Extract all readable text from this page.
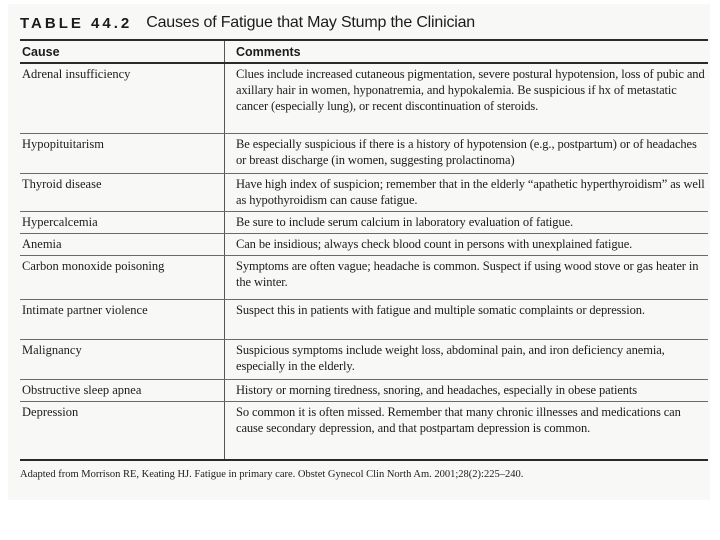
TABLE 44.2 Causes of Fatigue that May Stump the Clinician
Cause	Comments
Adrenal insufficiency	Clues include increased cutaneous pigmentation, severe postural hypotension, loss of pubic and axillary hair in women, hyponatremia, and hypokalemia. Be suspicious if hx of metastatic cancer (especially lung), or recent discontinuation of steroids.
Hypopituitarism	Be especially suspicious if there is a history of hypotension (e.g., postpartum) or of headaches or breast discharge (in women, suggesting prolactinoma)
Thyroid disease	Have high index of suspicion; remember that in the elderly “apathetic hyperthyroidism” as well as hypothyroidism can cause fatigue.
Hypercalcemia	Be sure to include serum calcium in laboratory evaluation of fatigue.
Anemia	Can be insidious; always check blood count in persons with unexplained fatigue.
Carbon monoxide poisoning	Symptoms are often vague; headache is common. Suspect if using wood stove or gas heater in the winter.
Intimate partner violence	Suspect this in patients with fatigue and multiple somatic complaints or depression.
Malignancy	Suspicious symptoms include weight loss, abdominal pain, and iron deficiency anemia, especially in the elderly.
Obstructive sleep apnea	History or morning tiredness, snoring, and headaches, especially in obese patients
Depression	So common it is often missed. Remember that many chronic illnesses and medications can cause secondary depression, and that postpartam depression is common.
Adapted from Morrison RE, Keating HJ. Fatigue in primary care. Obstet Gynecol Clin North Am. 2001;28(2):225–240.
